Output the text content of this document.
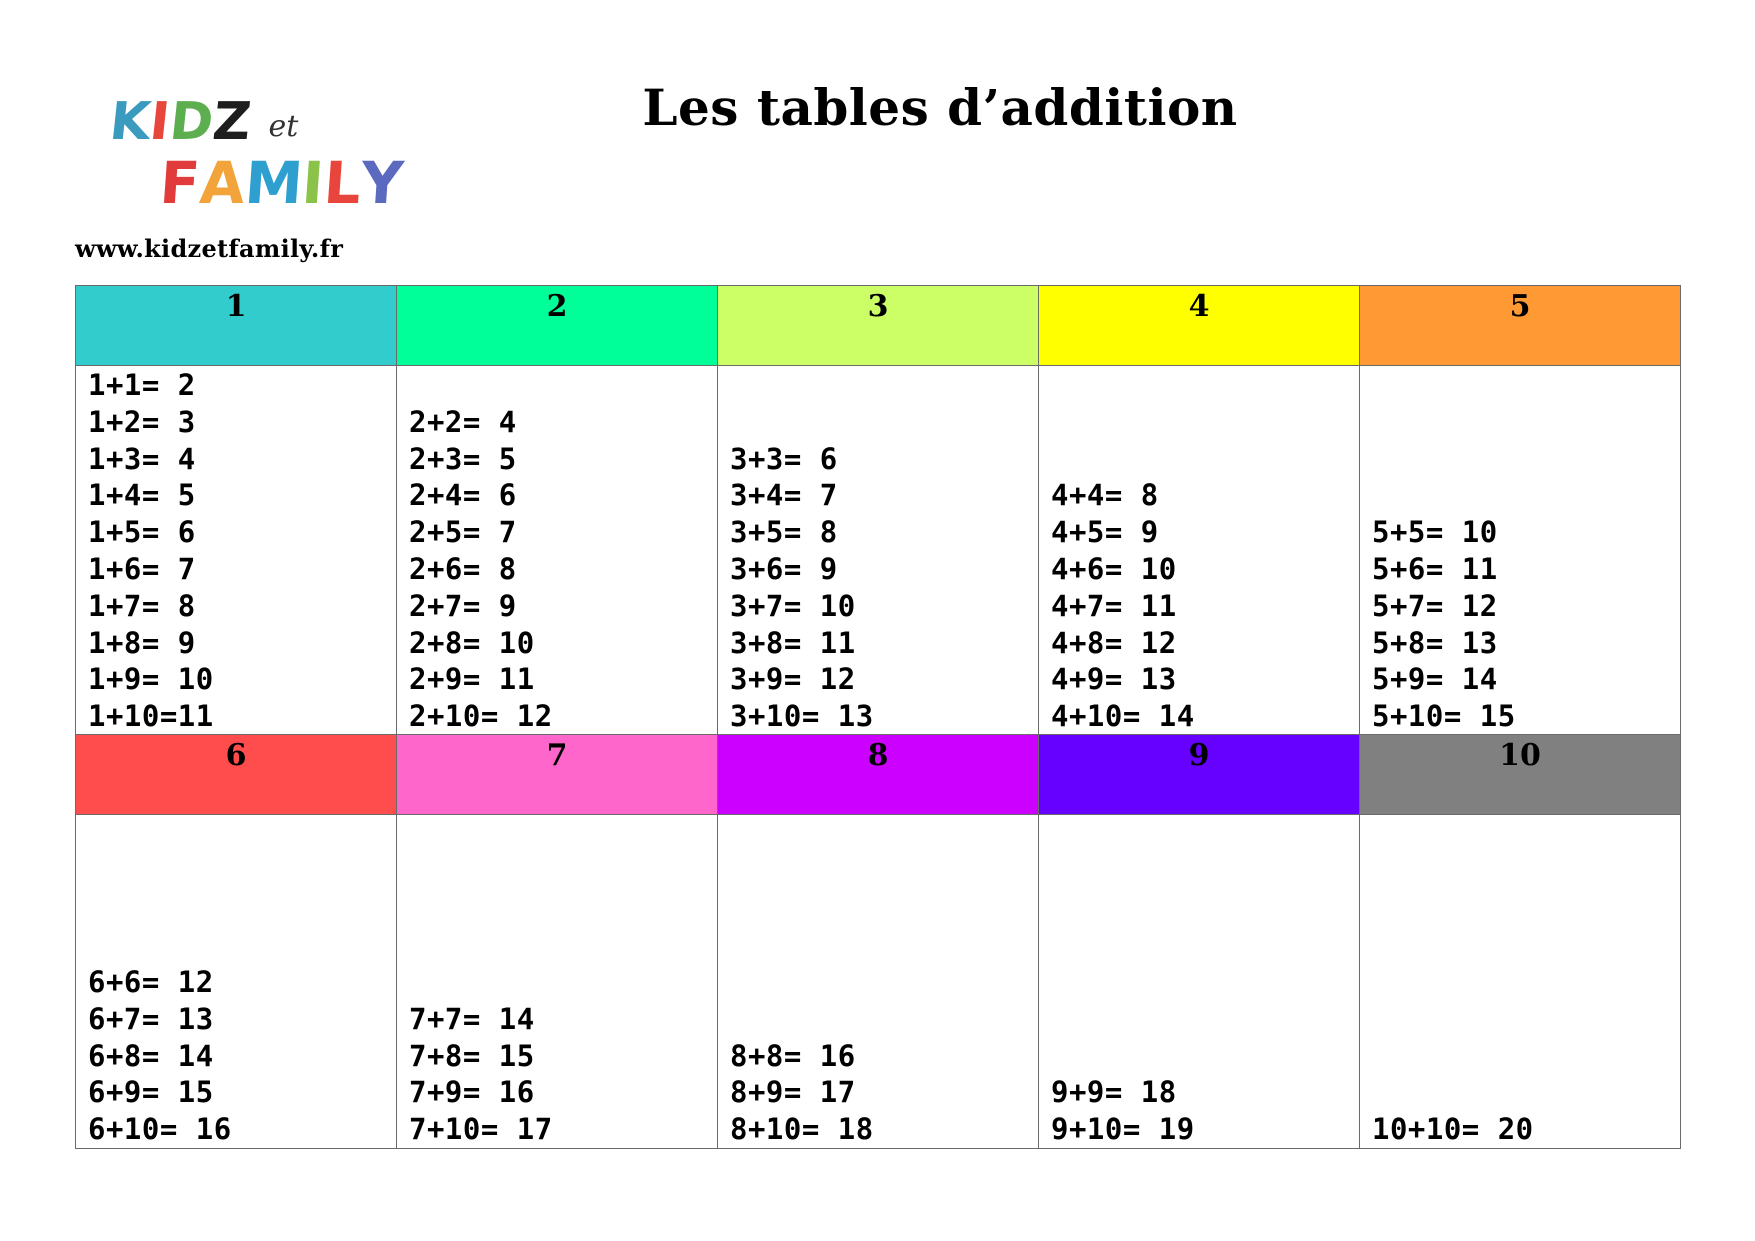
K
I
D
Z et
F
A
M
I
L
Y
www.kidzetfamily.fr
Les tables d’addition
1
1+1= 2
1+2= 3
1+3= 4
1+4= 5
1+5= 6
1+6= 7
1+7= 8
1+8= 9
1+9= 10
1+10=11
2
2+2= 4
2+3= 5
2+4= 6
2+5= 7
2+6= 8
2+7= 9
2+8= 10
2+9= 11
2+10= 12
3
3+3= 6
3+4= 7
3+5= 8
3+6= 9
3+7= 10
3+8= 11
3+9= 12
3+10= 13
4
4+4= 8
4+5= 9
4+6= 10
4+7= 11
4+8= 12
4+9= 13
4+10= 14
5
5+5= 10
5+6= 11
5+7= 12
5+8= 13
5+9= 14
5+10= 15
6
6+6= 12
6+7= 13
6+8= 14
6+9= 15
6+10= 16
7
7+7= 14
7+8= 15
7+9= 16
7+10= 17
8
8+8= 16
8+9= 17
8+10= 18
9
9+9= 18
9+10= 19
10
10+10= 20
